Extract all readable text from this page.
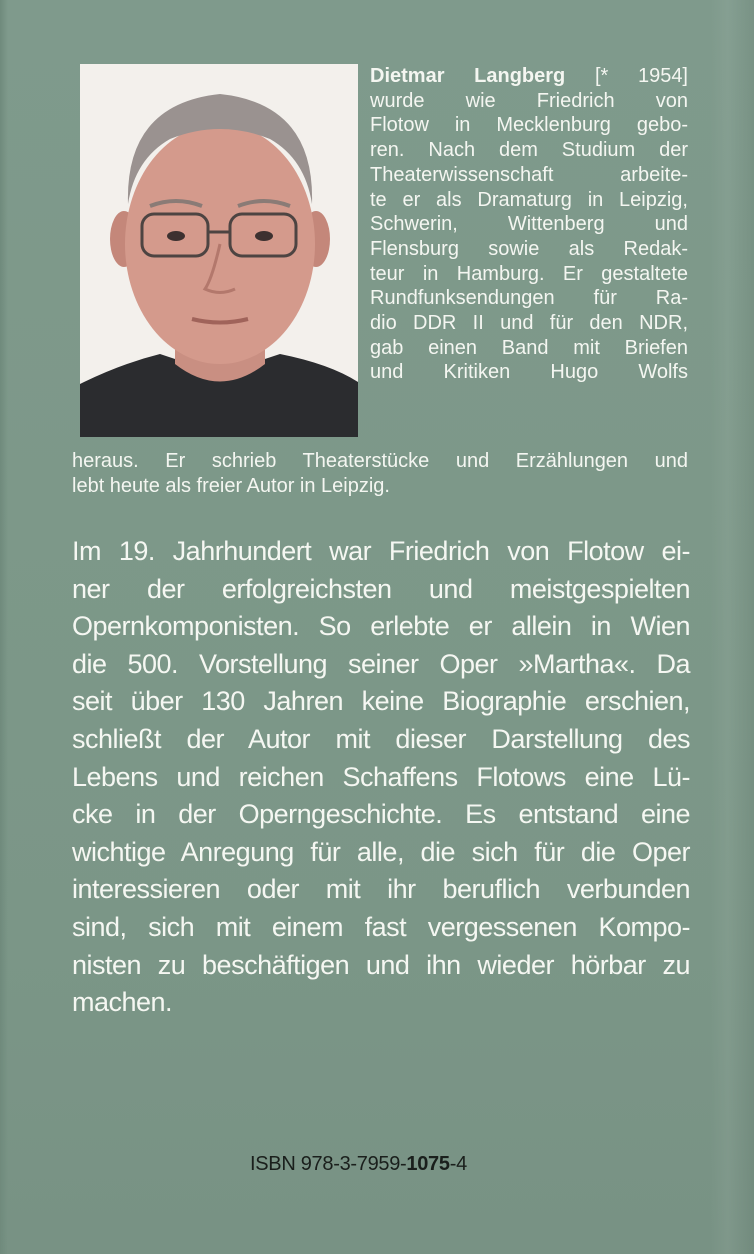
Dietmar Langberg [* 1954]
wurde wie Friedrich von
Flotow in Mecklenburg gebo-
ren. Nach dem Studium der
Theaterwissenschaft arbeite-
te er als Dramaturg in Leipzig,
Schwerin, Wittenberg und
Flensburg sowie als Redak-
teur in Hamburg. Er gestaltete
Rundfunksendungen für Ra-
dio DDR II und für den NDR,
gab einen Band mit Briefen
und Kritiken Hugo Wolfs
heraus. Er schrieb Theaterstücke und Erzählungen und
lebt heute als freier Autor in Leipzig.
Im 19. Jahrhundert war Friedrich von Flotow ei-
ner der erfolgreichsten und meistgespielten
Opernkomponisten. So erlebte er allein in Wien
die 500. Vorstellung seiner Oper »Martha«. Da
seit über 130 Jahren keine Biographie erschien,
schließt der Autor mit dieser Darstellung des
Lebens und reichen Schaffens Flotows eine Lü-
cke in der Operngeschichte. Es entstand eine
wichtige Anregung für alle, die sich für die Oper
interessieren oder mit ihr beruflich verbunden
sind, sich mit einem fast vergessenen Kompo-
nisten zu beschäftigen und ihn wieder hörbar zu
machen.
ISBN 978-3-7959-1075-4
